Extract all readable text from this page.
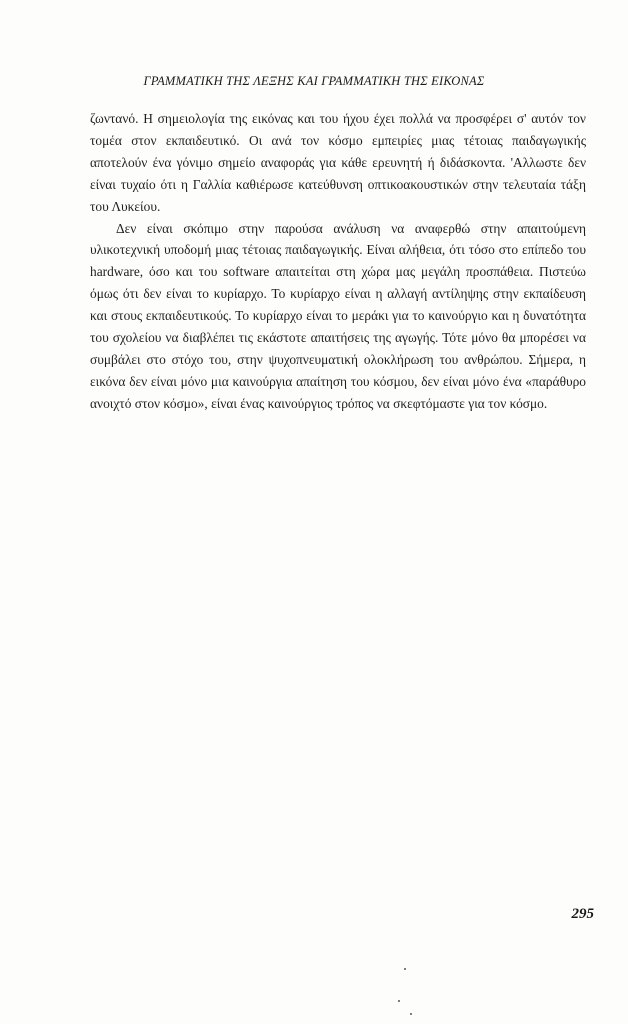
ΓΡΑΜΜΑΤΙΚΗ ΤΗΣ ΛΕΞΗΣ ΚΑΙ ΓΡΑΜΜΑΤΙΚΗ ΤΗΣ ΕΙΚΟΝΑΣ

ζωντανό. Η σημειολογία της εικόνας και του ήχου έχει πολλά να προσφέρει σ' αυτόν τον τομέα στον εκπαιδευτικό. Οι ανά τον κόσμο εμπειρίες μιας τέτοιας παιδαγωγικής αποτελούν ένα γόνιμο σημείο αναφοράς για κάθε ερευνητή ή διδάσκοντα. 'Αλλωστε δεν είναι τυχαίο ότι η Γαλλία καθιέρωσε κατεύθυνση οπτικοακουστικών στην τελευταία τάξη του Λυκείου.

Δεν είναι σκόπιμο στην παρούσα ανάλυση να αναφερθώ στην απαιτούμενη υλικοτεχνική υποδομή μιας τέτοιας παιδαγωγικής. Είναι αλήθεια, ότι τόσο στο επίπεδο του hardware, όσο και του software απαιτείται στη χώρα μας μεγάλη προσπάθεια. Πιστεύω όμως ότι δεν είναι το κυρίαρχο. Το κυρίαρχο είναι η αλλαγή αντίληψης στην εκπαίδευση και στους εκπαιδευτικούς. Το κυρίαρχο είναι το μεράκι για το καινούργιο και η δυνατότητα του σχολείου να διαβλέπει τις εκάστοτε απαιτήσεις της αγωγής. Τότε μόνο θα μπορέσει να συμβάλει στο στόχο του, στην ψυχοπνευματική ολοκλήρωση του ανθρώπου. Σήμερα, η εικόνα δεν είναι μόνο μια καινούργια απαίτηση του κόσμου, δεν είναι μόνο ένα «παράθυρο ανοιχτό στον κόσμο», είναι ένας καινούργιος τρόπος να σκεφτόμαστε για τον κόσμο.

295
